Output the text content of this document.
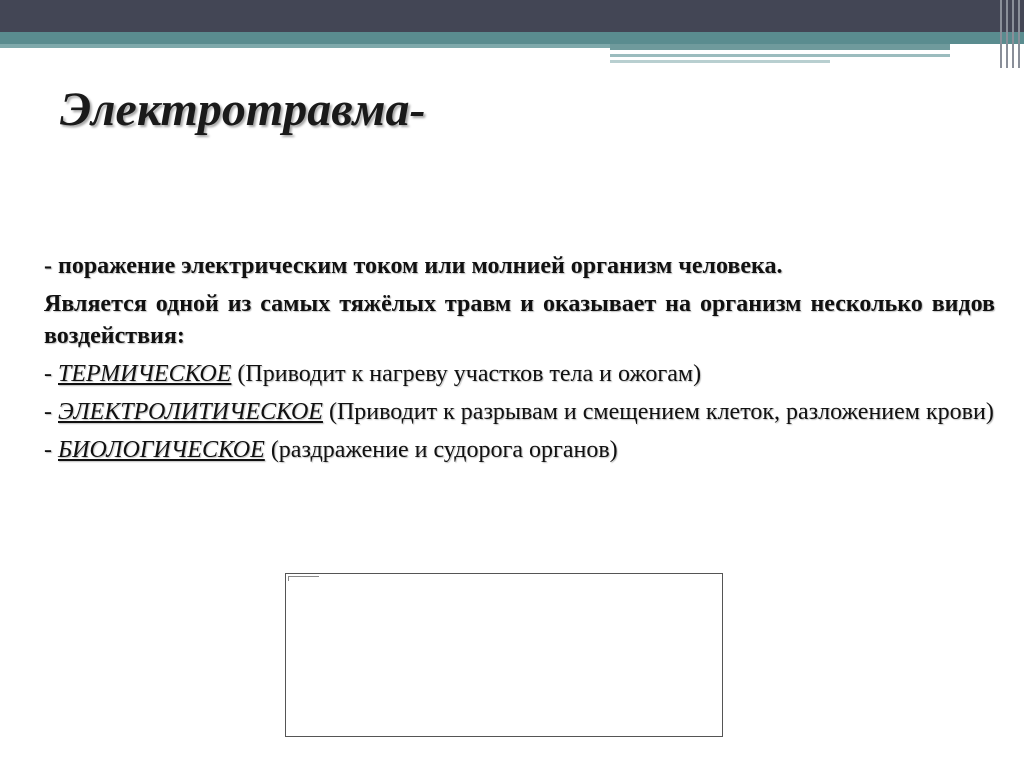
Электротравма-

- поражение электрическим током или молнией организм человека.

Является одной из самых тяжёлых травм и оказывает на организм несколько видов воздействия:

- ТЕРМИЧЕСКОЕ (Приводит к нагреву участков тела и ожогам)

- ЭЛЕКТРОЛИТИЧЕСКОЕ (Приводит к разрывам и смещением клеток, разложением крови)

- БИОЛОГИЧЕСКОЕ (раздражение и судорога органов)
